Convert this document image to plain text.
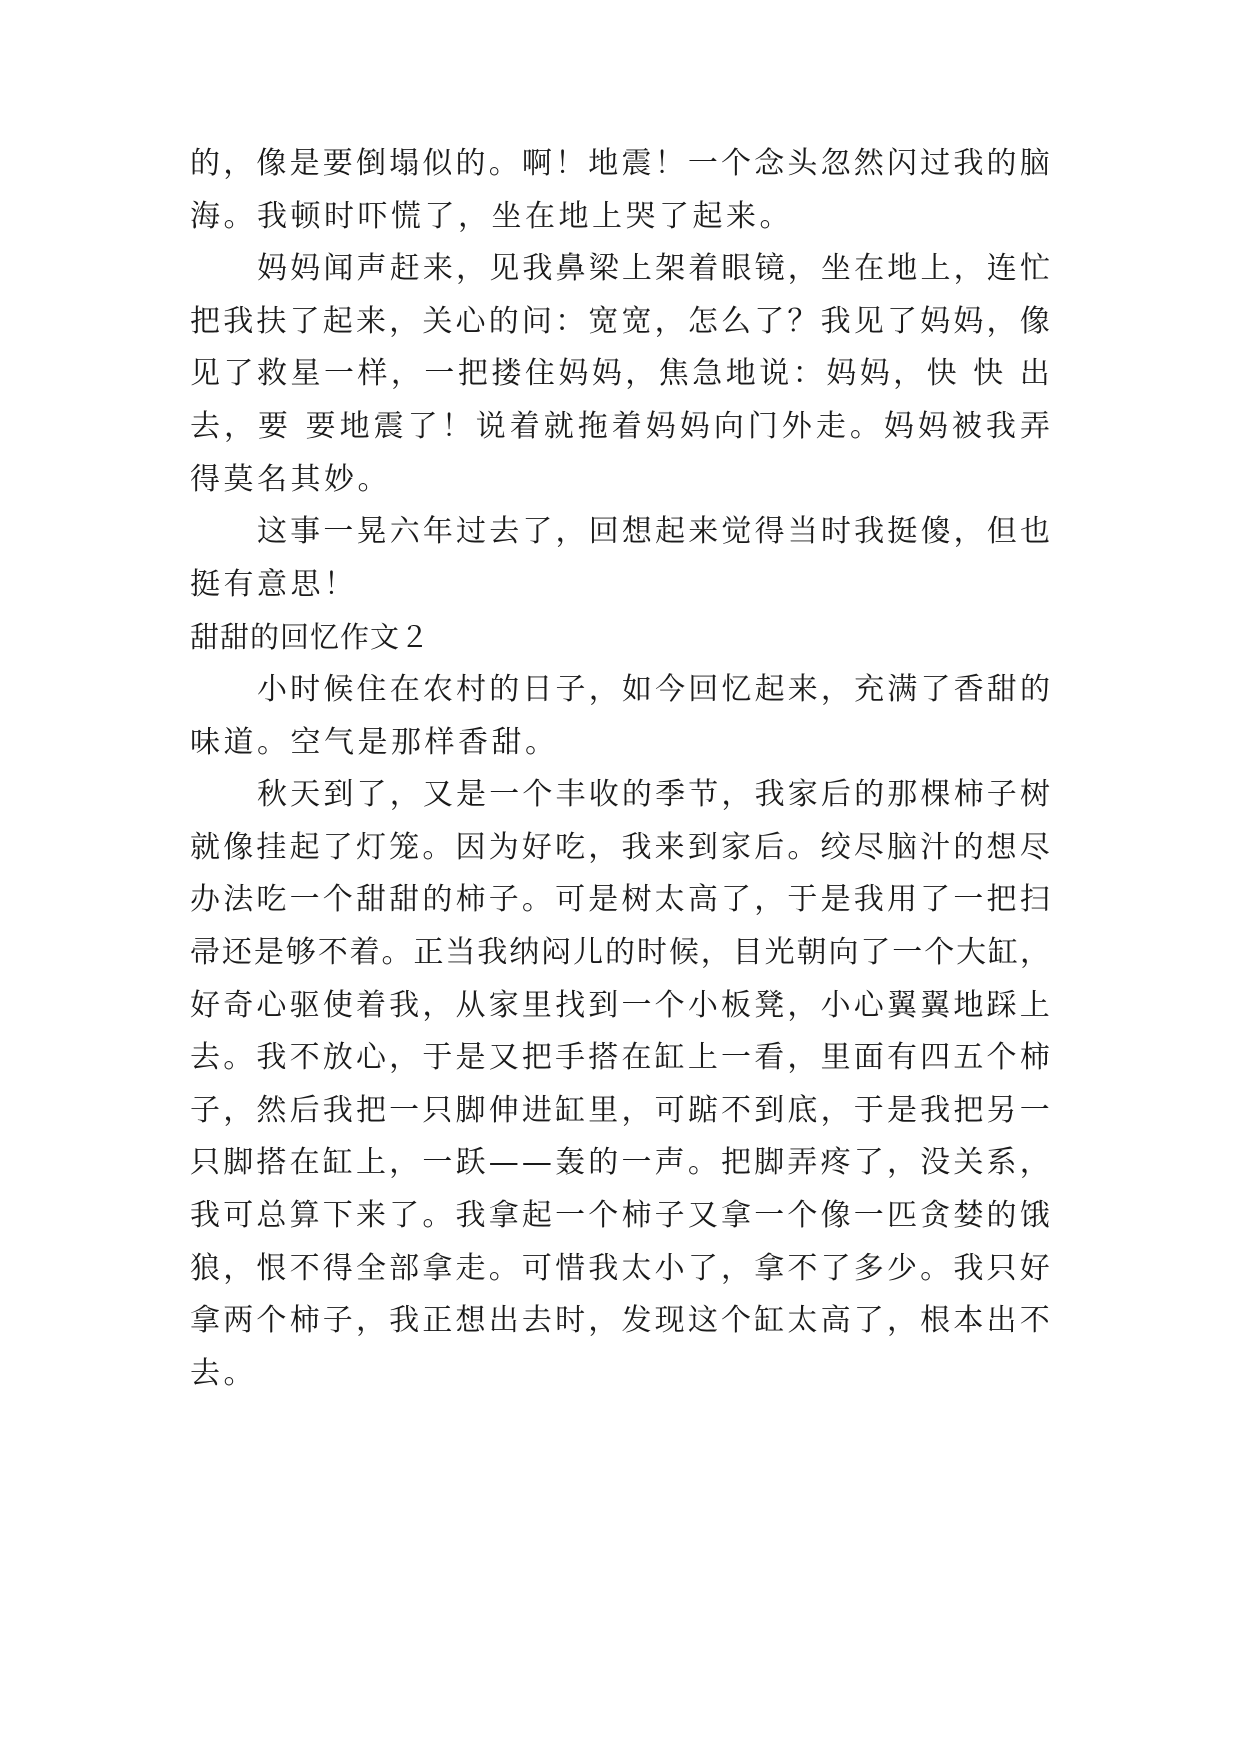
的 ， 像 是 要 倒 塌 似 的 。 啊 ！ 地 震 ！ 一 个 念 头 忽 然 闪 过 我 的 脑
海。我顿时吓慌了，坐在地上哭了起来。
妈 妈 闻 声 赶 来 ， 见 我 鼻 梁 上 架 着 眼 镜 ， 坐 在 地 上 ， 连 忙
把 我 扶 了 起 来 ， 关 心 的 问 ： 宽 宽 ， 怎 么 了 ？ 我 见 了 妈 妈 ， 像
见 了 救 星 一 样 ， 一 把 搂 住 妈 妈 ， 焦 急 地 说 ： 妈 妈 ， 快
快
出
去 ， 要
要 地 震 了 ！ 说 着 就 拖 着 妈 妈 向 门 外 走 。 妈 妈 被 我 弄
得莫名其妙。
这 事 一 晃 六 年 过 去 了 ， 回 想 起 来 觉 得 当 时 我 挺 傻 ， 但 也
挺有意思！
甜甜的回忆作文２
小 时 候 住 在 农 村 的 日 子 ， 如 今 回 忆 起 来 ， 充 满 了 香 甜 的
味道。空气是那样香甜。
秋 天 到 了 ， 又 是 一 个 丰 收 的 季 节 ， 我 家 后 的 那 棵 柿 子 树
就 像 挂 起 了 灯 笼 。 因 为 好 吃 ， 我 来 到 家 后 。 绞 尽 脑 汁 的 想 尽
办 法 吃 一 个 甜 甜 的 柿 子 。 可 是 树 太 高 了 ， 于 是 我 用 了 一 把 扫
帚 还 是 够 不 着 。 正 当 我 纳 闷 儿 的 时 候 ， 目 光 朝 向 了 一 个 大 缸 ，
好 奇 心 驱 使 着 我 ， 从 家 里 找 到 一 个 小 板 凳 ， 小 心 翼 翼 地 踩 上
去 。 我 不 放 心 ， 于 是 又 把 手 搭 在 缸 上 一 看 ， 里 面 有 四 五 个 柿
子 ， 然 后 我 把 一 只 脚 伸 进 缸 里 ， 可 踮 不 到 底 ， 于 是 我 把 另 一
只 脚 搭 在 缸 上 ， 一 跃 — — 轰 的 一 声 。 把 脚 弄 疼 了 ， 没 关 系 ，
我 可 总 算 下 来 了 。 我 拿 起 一 个 柿 子 又 拿 一 个 像 一 匹 贪 婪 的 饿
狼 ， 恨 不 得 全 部 拿 走 。 可 惜 我 太 小 了 ， 拿 不 了 多 少 。 我 只 好
拿 两 个 柿 子 ， 我 正 想 出 去 时 ， 发 现 这 个 缸 太 高 了 ， 根 本 出 不
去。
